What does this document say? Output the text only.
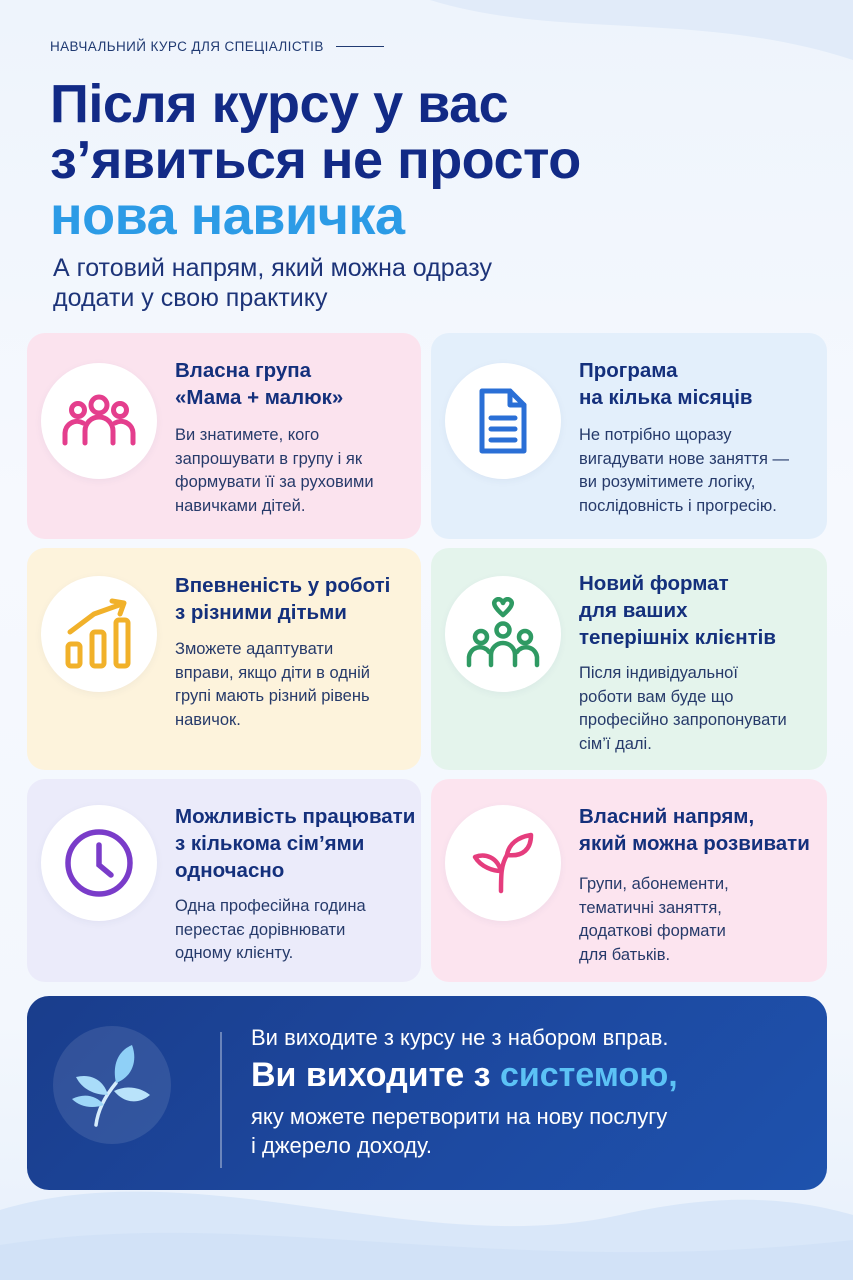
НАВЧАЛЬНИЙ КУРС ДЛЯ СПЕЦІАЛІСТІВ
Після курсу у вас
з’явиться не просто
нова навичка
А готовий напрям, який можна одразу
додати у свою практику
Власна група
«Мама + малюк»
Ви знатимете, кого
запрошувати в групу і як
формувати її за руховими
навичками дітей.
Програма
на кілька місяців
Не потрібно щоразу
вигадувати нове заняття —
ви розумітимете логіку,
послідовність і прогресію.
Впевненість у роботі
з різними дітьми
Зможете адаптувати
вправи, якщо діти в одній
групі мають різний рівень
навичок.
Новий формат
для ваших
теперішніх клієнтів
Після індивідуальної
роботи вам буде що
професійно запропонувати
сім’ї далі.
Можливість працювати
з кількома сім’ями
одночасно
Одна професійна година
перестає дорівнювати
одному клієнту.
Власний напрям,
який можна розвивати
Групи, абонементи,
тематичні заняття,
додаткові формати
для батьків.
Ви виходите з курсу не з набором вправ.
Ви виходите з системою,
яку можете перетворити на нову послугу
і джерело доходу.
